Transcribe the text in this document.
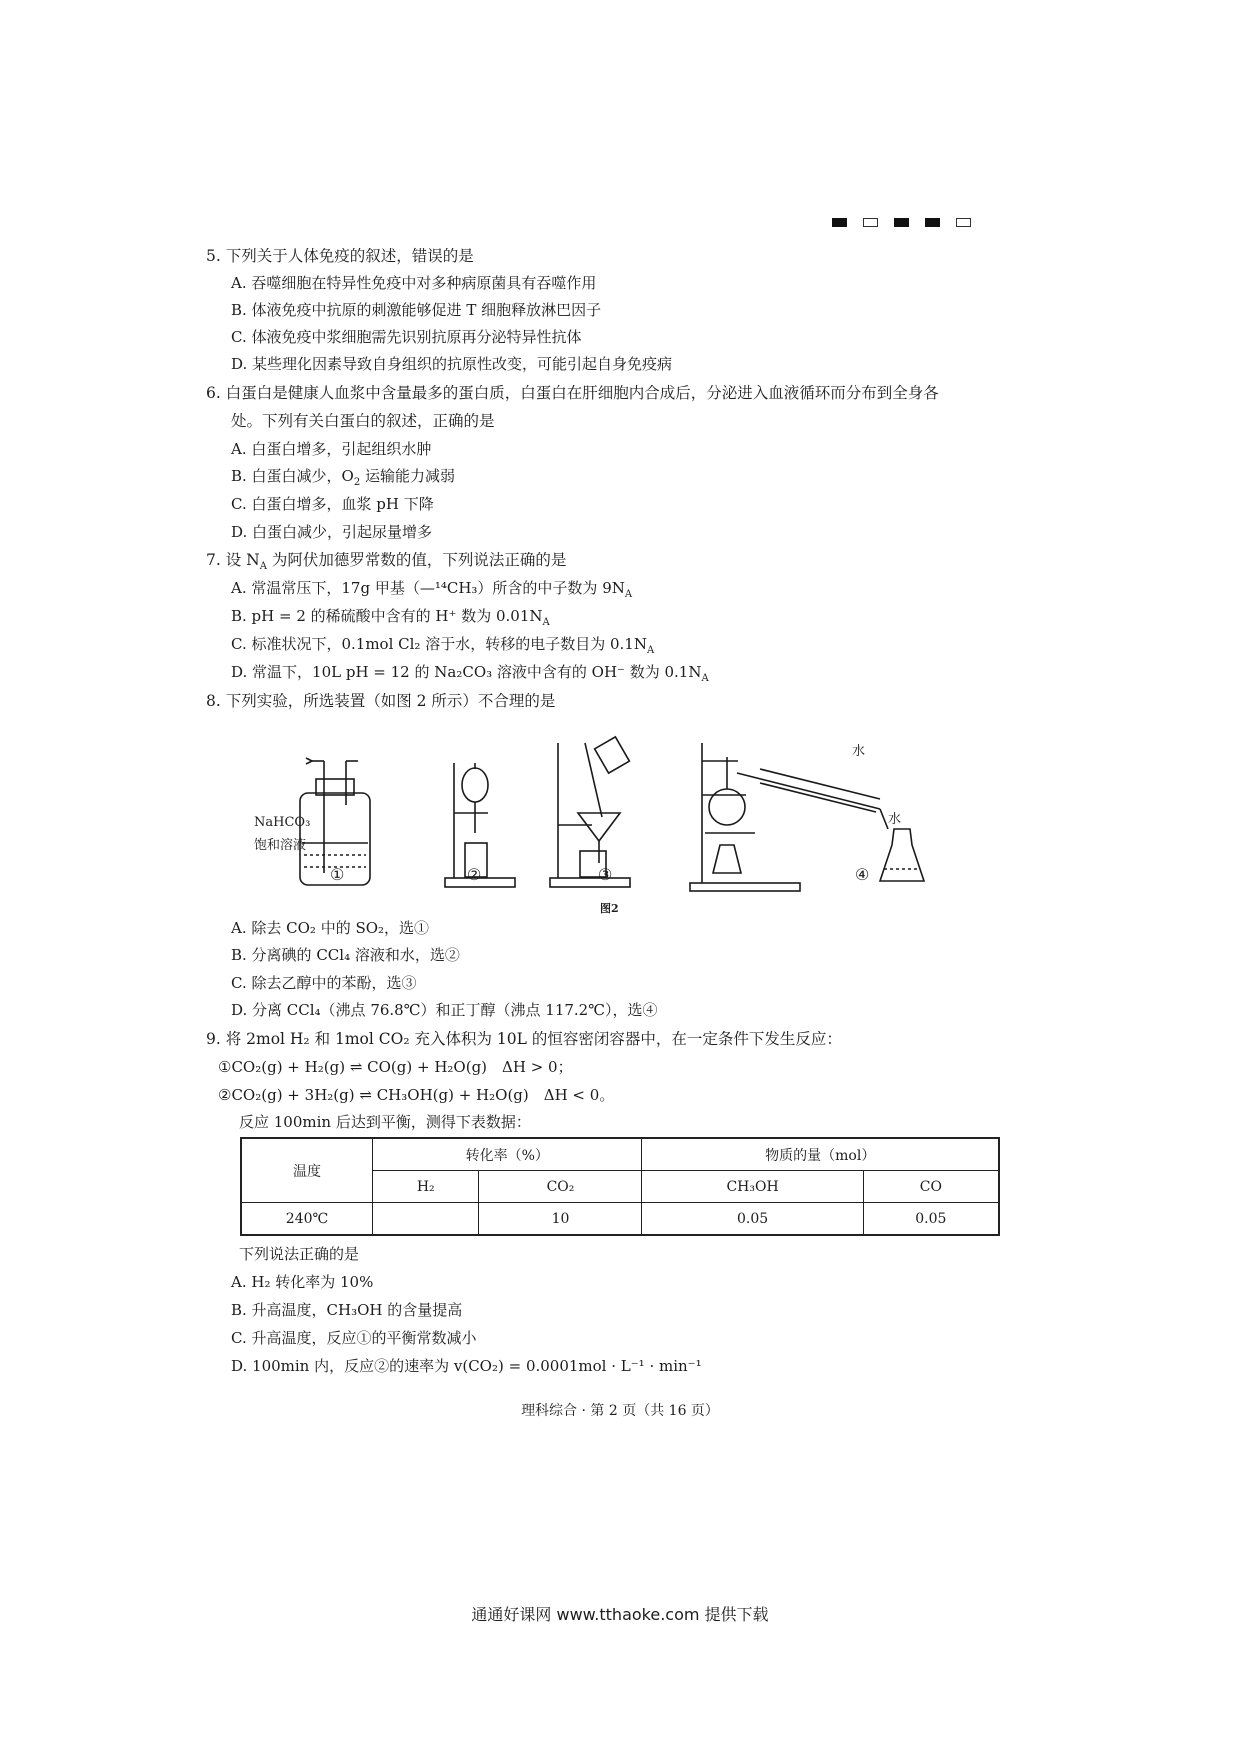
5. 下列关于人体免疫的叙述，错误的是
A. 吞噬细胞在特异性免疫中对多种病原菌具有吞噬作用
B. 体液免疫中抗原的刺激能够促进 T 细胞释放淋巴因子
C. 体液免疫中浆细胞需先识别抗原再分泌特异性抗体
D. 某些理化因素导致自身组织的抗原性改变，可能引起自身免疫病
6. 白蛋白是健康人血浆中含量最多的蛋白质，白蛋白在肝细胞内合成后，分泌进入血液循环而分布到全身各
处。下列有关白蛋白的叙述，正确的是
A. 白蛋白增多，引起组织水肿
B. 白蛋白减少，$O_2$ 运输能力减弱
C. 白蛋白增多，血浆 pH 下降
D. 白蛋白减少，引起尿量增多
7. 设 $N_A$ 为阿伏加德罗常数的值，下列说法正确的是
A. 常温常压下，17g 甲基（—¹⁴CH₃）所含的中子数为 $9N_A$
B. pH = 2 的稀硫酸中含有的 H⁺ 数为 $0.01N_A$
C. 标准状况下，0.1mol Cl₂ 溶于水，转移的电子数目为 $0.1N_A$
D. 常温下，10L pH = 12 的 Na₂CO₃ 溶液中含有的 OH⁻ 数为 $0.1N_A$
8. 下列实验，所选装置（如图 2 所示）不合理的是
NaHCO₃
饱和溶液
水
水
①	②	③	④
图2
A. 除去 CO₂ 中的 SO₂，选①
B. 分离碘的 CCl₄ 溶液和水，选②
C. 除去乙醇中的苯酚，选③
D. 分离 CCl₄（沸点 76.8℃）和正丁醇（沸点 117.2℃），选④
9. 将 2mol H₂ 和 1mol CO₂ 充入体积为 10L 的恒容密闭容器中，在一定条件下发生反应：
①CO₂(g) + H₂(g) ⇌ CO(g) + H₂O(g)　ΔH > 0；
②CO₂(g) + 3H₂(g) ⇌ CH₃OH(g) + H₂O(g)　ΔH < 0。
反应 100min 后达到平衡，测得下表数据：
温度	转化率（%）		物质的量（mol）	
	H₂	CO₂	CH₃OH	CO
240℃		10	0.05	0.05
下列说法正确的是
A. H₂ 转化率为 10%
B. 升高温度，CH₃OH 的含量提高
C. 升高温度，反应①的平衡常数减小
D. 100min 内，反应②的速率为 v(CO₂) = 0.0001mol · L⁻¹ · min⁻¹
理科综合 · 第 2 页（共 16 页）
通通好课网 www.tthaoke.com 提供下载
